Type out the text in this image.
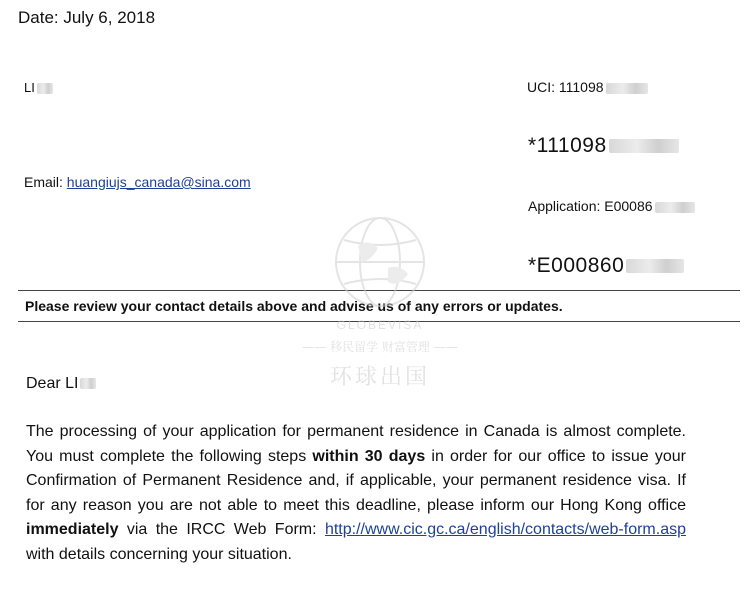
Date: July 6, 2018
LI
Email: huangiujs_canada@sina.com
UCI: 111098
*111098
Application: E00086
*E000860
Please review your contact details above and advise us of any errors or updates.
GLOBEVISA
—— 移民留学 财富管理 ——
环球出国
Dear LI
The processing of your application for permanent residence in Canada is almost complete. You must complete the following steps within 30 days in order for our office to issue your Confirmation of Permanent Residence and, if applicable, your permanent residence visa. If for any reason you are not able to meet this deadline, please inform our Hong Kong office immediately via the IRCC Web Form: http://www.cic.gc.ca/english/contacts/web-form.asp with details concerning your situation.
